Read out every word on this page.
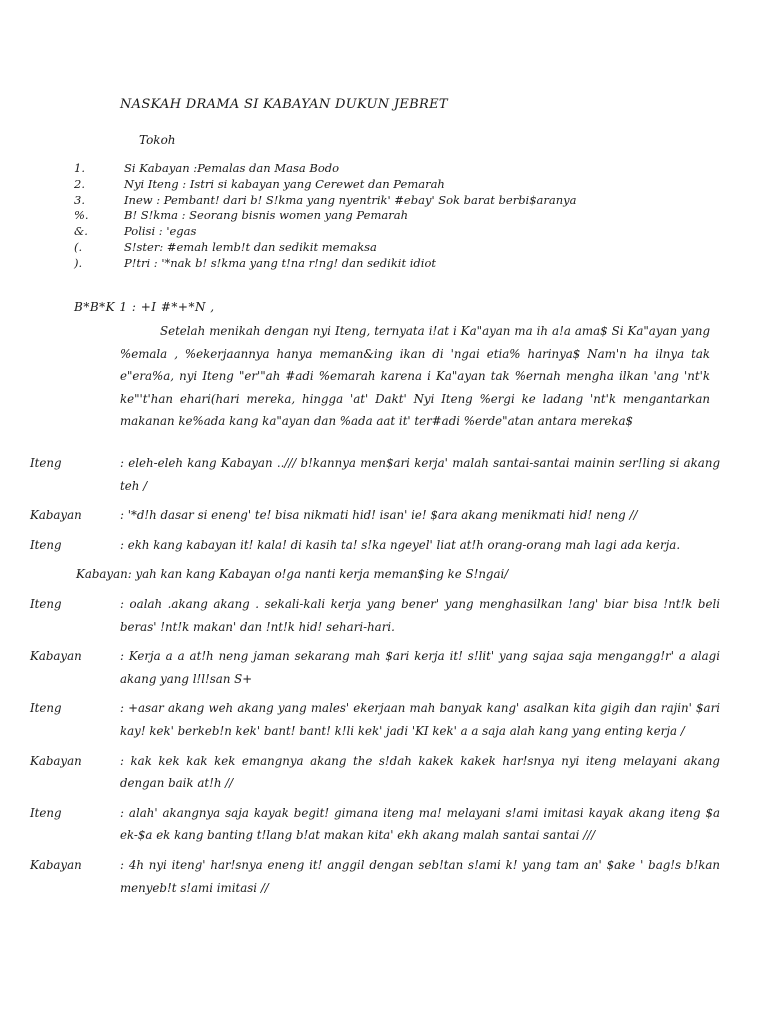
NASKAH DRAMA SI KABAYAN DUKUN JEBRET
Tokoh
1.	Si Kabayan :Pemalas dan Masa Bodo
2.	Nyi Iteng : Istri si kabayan yang Cerewet dan Pemarah
3.	Inew : Pembant! dari b! S!kma yang nyentrik' #ebay' Sok barat berbi$aranya
%.	B! S!kma : Seorang bisnis women yang Pemarah
&.	Polisi : 'egas
(.	S!ster: #emah lemb!t dan sedikit memaksa
).	P!tri : '*nak b! s!kma yang t!na r!ng! dan sedikit idiot
B*B*K 1 : +I #*+*N ,
Setelah menikah dengan nyi Iteng, ternyata i!at i Ka"ayan ma ih a!a ama$ Si Ka"ayan yang %emala , %ekerjaannya hanya meman&ing ikan di 'ngai etia% harinya$ Nam'n ha ilnya tak e"era%a, nyi Iteng "er'"ah #adi %emarah karena i Ka"ayan tak %ernah mengha ilkan 'ang 'nt'k ke"'t'han ehari(hari mereka, hingga 'at' Dakt' Nyi Iteng %ergi ke ladang 'nt'k mengantarkan makanan ke%ada kang ka"ayan dan %ada aat it' ter#adi %erde"atan antara mereka$
Iteng	: eleh-eleh kang Kabayan ../// b!kannya men$ari kerja' malah santai-santai mainin ser!ling si akang teh /
Kabayan	: '*d!h dasar si eneng' te! bisa nikmati hid! isan' ie! $ara akang menikmati hid! neng //
Iteng	: ekh kang kabayan it! kala! di kasih ta! s!ka ngeyel' liat at!h orang-orang mah lagi ada kerja.
Kabayan: yah kan kang Kabayan o!ga nanti kerja meman$ing ke S!ngai/
Iteng	: oalah .akang akang . sekali-kali kerja yang bener' yang menghasilkan !ang' biar bisa !nt!k beli beras' !nt!k makan' dan !nt!k hid! sehari-hari.
Kabayan	: Kerja a a at!h neng jaman sekarang mah $ari kerja it! s!lit' yang sajaa saja mengangg!r' a alagi akang yang l!l!san S+
Iteng	: +asar akang weh akang yang males' ekerjaan mah banyak kang' asalkan kita gigih dan rajin' $ari kay! kek' berkeb!n kek' bant! bant! k!li kek' jadi 'KI kek' a a saja alah kang yang enting kerja /
Kabayan	: kak kek kak kek emangnya akang the s!dah kakek kakek har!snya nyi iteng melayani akang dengan baik at!h //
Iteng	: alah' akangnya saja kayak begit! gimana iteng ma! melayani s!ami imitasi kayak akang iteng $a ek-$a ek kang banting t!lang b!at makan kita' ekh akang malah santai santai ///
Kabayan	: 4h nyi iteng' har!snya eneng it! anggil dengan seb!tan s!ami k! yang tam an' $ake ' bag!s b!kan menyeb!t s!ami imitasi //
